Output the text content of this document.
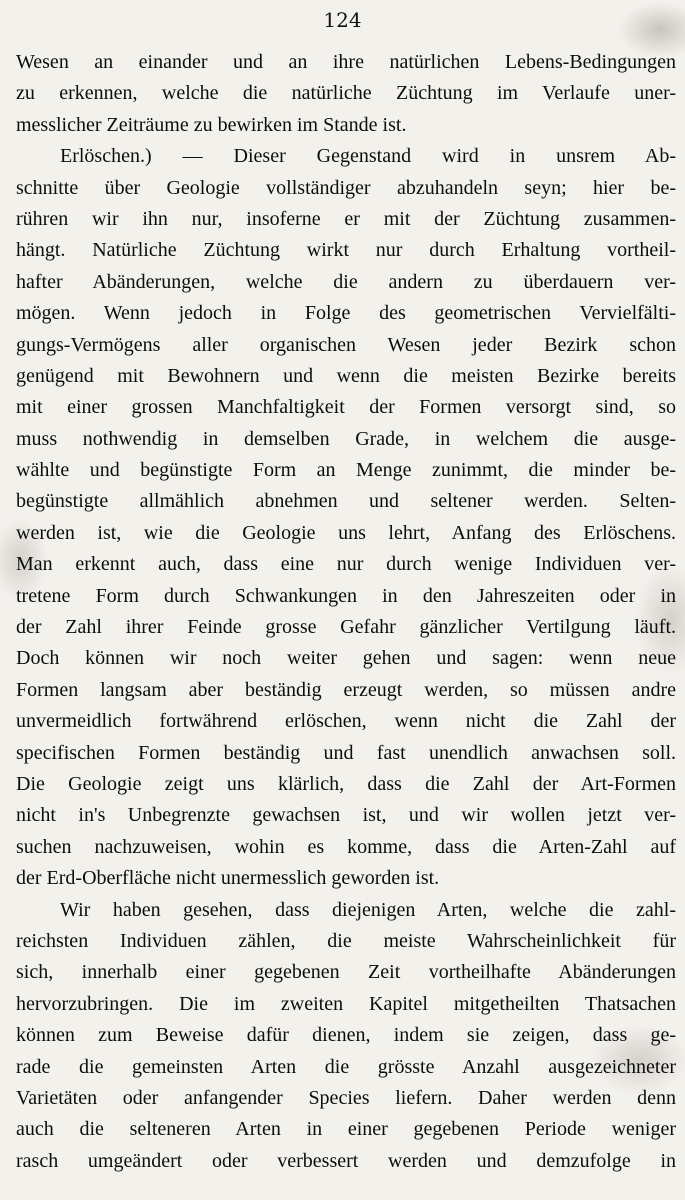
124
Wesen an einander und an ihre natürlichen Lebens-Bedingungen
zu erkennen, welche die natürliche Züchtung im Verlaufe uner-
messlicher Zeiträume zu bewirken im Stande ist.
Erlöschen.) — Dieser Gegenstand wird in unsrem Ab-
schnitte über Geologie vollständiger abzuhandeln seyn; hier be-
rühren wir ihn nur, insoferne er mit der Züchtung zusammen-
hängt. Natürliche Züchtung wirkt nur durch Erhaltung vortheil-
hafter Abänderungen, welche die andern zu überdauern ver-
mögen. Wenn jedoch in Folge des geometrischen Vervielfälti-
gungs-Vermögens aller organischen Wesen jeder Bezirk schon
genügend mit Bewohnern und wenn die meisten Bezirke bereits
mit einer grossen Manchfaltigkeit der Formen versorgt sind, so
muss nothwendig in demselben Grade, in welchem die ausge-
wählte und begünstigte Form an Menge zunimmt, die minder be-
begünstigte allmählich abnehmen und seltener werden. Selten-
werden ist, wie die Geologie uns lehrt, Anfang des Erlöschens.
Man erkennt auch, dass eine nur durch wenige Individuen ver-
tretene Form durch Schwankungen in den Jahreszeiten oder in
der Zahl ihrer Feinde grosse Gefahr gänzlicher Vertilgung läuft.
Doch können wir noch weiter gehen und sagen: wenn neue
Formen langsam aber beständig erzeugt werden, so müssen andre
unvermeidlich fortwährend erlöschen, wenn nicht die Zahl der
specifischen Formen beständig und fast unendlich anwachsen soll.
Die Geologie zeigt uns klärlich, dass die Zahl der Art-Formen
nicht in's Unbegrenzte gewachsen ist, und wir wollen jetzt ver-
suchen nachzuweisen, wohin es komme, dass die Arten-Zahl auf
der Erd-Oberfläche nicht unermesslich geworden ist.
Wir haben gesehen, dass diejenigen Arten, welche die zahl-
reichsten Individuen zählen, die meiste Wahrscheinlichkeit für
sich, innerhalb einer gegebenen Zeit vortheilhafte Abänderungen
hervorzubringen. Die im zweiten Kapitel mitgetheilten Thatsachen
können zum Beweise dafür dienen, indem sie zeigen, dass ge-
rade die gemeinsten Arten die grösste Anzahl ausgezeichneter
Varietäten oder anfangender Species liefern. Daher werden denn
auch die selteneren Arten in einer gegebenen Periode weniger
rasch umgeändert oder verbessert werden und demzufolge in
